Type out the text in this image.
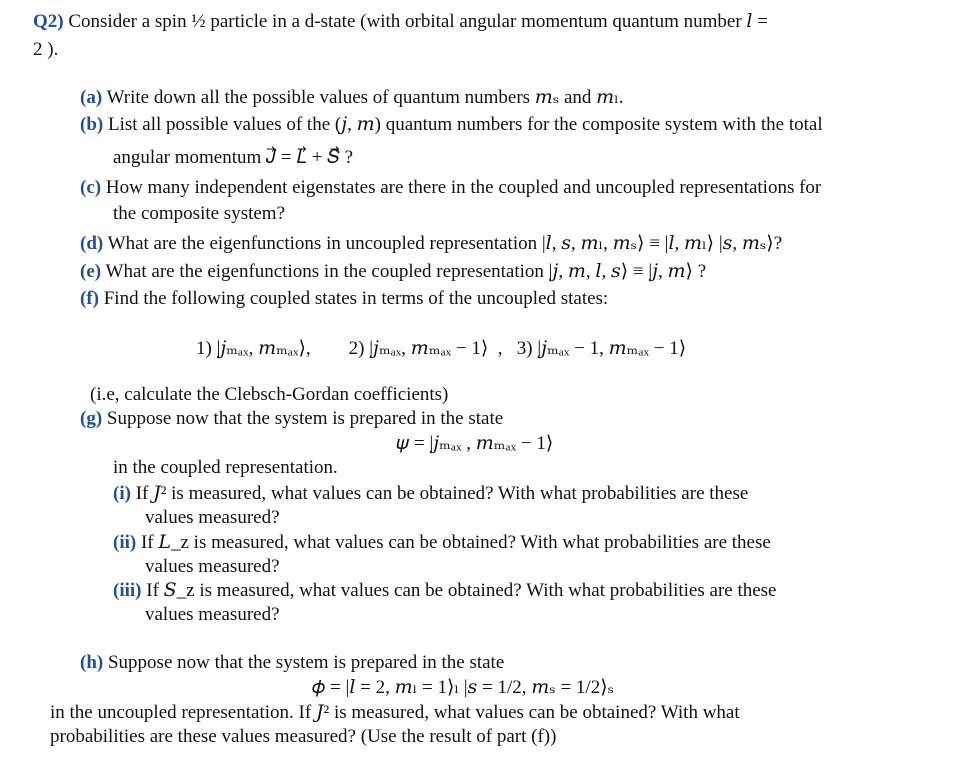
Q2) Consider a spin ½ particle in a d-state (with orbital angular momentum quantum number 𝑙 =
2 ).
(a) Write down all the possible values of quantum numbers 𝑚ₛ and 𝑚ₗ.
(b) List all possible values of the (𝑗, 𝑚) quantum numbers for the composite system with the total
angular momentum 𝐽⃗ = 𝐿⃗ + 𝑆⃗ ?
(c) How many independent eigenstates are there in the coupled and uncoupled representations for
the composite system?
(d) What are the eigenfunctions in uncoupled representation |𝑙, 𝑠, 𝑚ₗ, 𝑚ₛ⟩ ≡ |𝑙, 𝑚ₗ⟩ |𝑠, 𝑚ₛ⟩?
(e) What are the eigenfunctions in the coupled representation |𝑗, 𝑚, 𝑙, 𝑠⟩ ≡ |𝑗, 𝑚⟩ ?
(f) Find the following coupled states in terms of the uncoupled states:
1) |𝑗ₘₐₓ, 𝑚ₘₐₓ⟩,        2) |𝑗ₘₐₓ, 𝑚ₘₐₓ − 1⟩  ,   3) |𝑗ₘₐₓ − 1, 𝑚ₘₐₓ − 1⟩
(i.e, calculate the Clebsch-Gordan coefficients)
(g) Suppose now that the system is prepared in the state
𝜓 = |𝑗ₘₐₓ , 𝑚ₘₐₓ − 1⟩
in the coupled representation.
(i) If 𝐽² is measured, what values can be obtained? With what probabilities are these
values measured?
(ii) If 𝐿_z is measured, what values can be obtained? With what probabilities are these
values measured?
(iii) If 𝑆_z is measured, what values can be obtained? With what probabilities are these
values measured?
(h) Suppose now that the system is prepared in the state
𝜙 = |𝑙 = 2, 𝑚ₗ = 1⟩ₗ |𝑠 = 1/2, 𝑚ₛ = 1/2⟩ₛ
in the uncoupled representation. If 𝐽² is measured, what values can be obtained? With what
probabilities are these values measured? (Use the result of part (f))
